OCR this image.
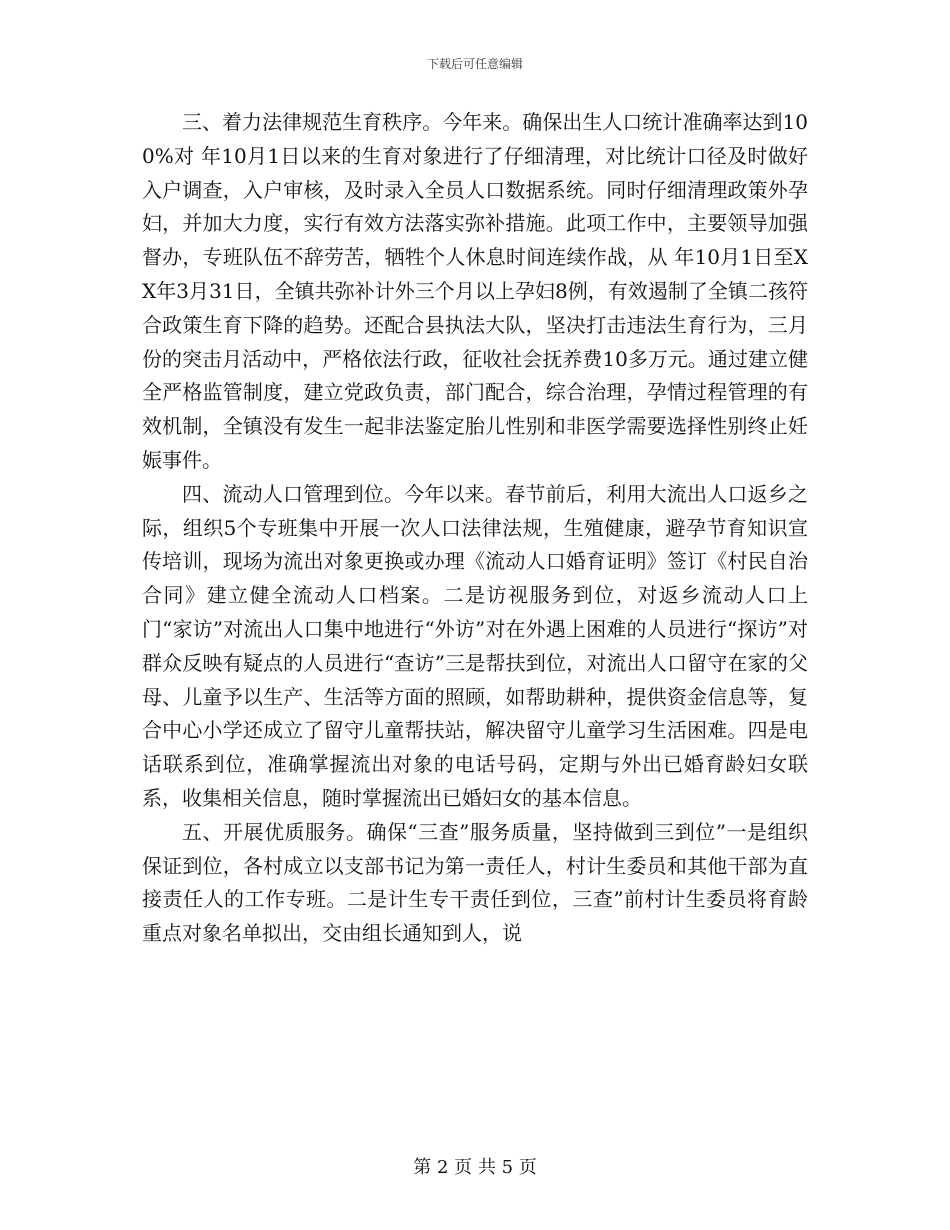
下载后可任意编辑

三、着力法律规范生育秩序。今年来。确保出生人口统计准确率达到100%对 年10月1日以来的生育对象进行了仔细清理，对比统计口径及时做好入户调查，入户审核，及时录入全员人口数据系统。同时仔细清理政策外孕妇，并加大力度，实行有效方法落实弥补措施。此项工作中，主要领导加强督办，专班队伍不辞劳苦，牺牲个人休息时间连续作战，从 年10月1日至XX年3月31日，全镇共弥补计外三个月以上孕妇8例，有效遏制了全镇二孩符合政策生育下降的趋势。还配合县执法大队，坚决打击违法生育行为，三月份的突击月活动中，严格依法行政，征收社会抚养费10多万元。通过建立健全严格监管制度，建立党政负责，部门配合，综合治理，孕情过程管理的有效机制，全镇没有发生一起非法鉴定胎儿性别和非医学需要选择性别终止妊娠事件。

四、流动人口管理到位。今年以来。春节前后，利用大流出人口返乡之际，组织5个专班集中开展一次人口法律法规，生殖健康，避孕节育知识宣传培训，现场为流出对象更换或办理《流动人口婚育证明》签订《村民自治合同》建立健全流动人口档案。二是访视服务到位，对返乡流动人口上门“家访”对流出人口集中地进行“外访”对在外遇上困难的人员进行“探访”对群众反映有疑点的人员进行“查访”三是帮扶到位，对流出人口留守在家的父母、儿童予以生产、生活等方面的照顾，如帮助耕种，提供资金信息等，复合中心小学还成立了留守儿童帮扶站，解决留守儿童学习生活困难。四是电话联系到位，准确掌握流出对象的电话号码，定期与外出已婚育龄妇女联系，收集相关信息，随时掌握流出已婚妇女的基本信息。

五、开展优质服务。确保“三查”服务质量，坚持做到三到位”一是组织保证到位，各村成立以支部书记为第一责任人，村计生委员和其他干部为直接责任人的工作专班。二是计生专干责任到位，三查”前村计生委员将育龄重点对象名单拟出，交由组长通知到人，说

第 2 页 共 5 页
